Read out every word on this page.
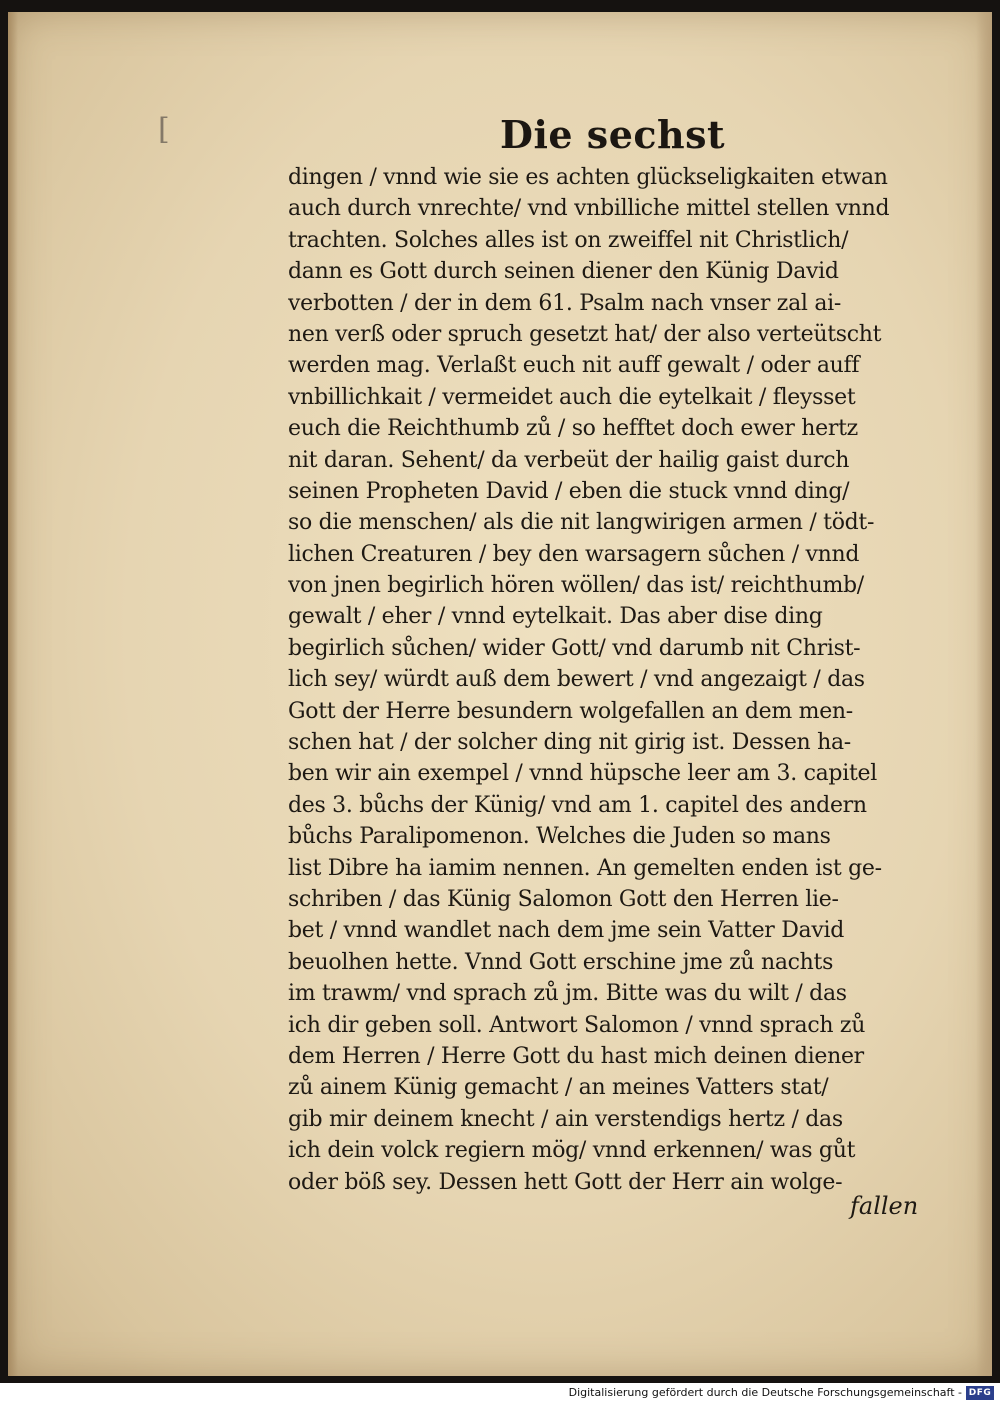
[	Die sechst
dingen / vnnd wie sie es achten glückseligkaiten etwan
auch durch vnrechte/ vnd vnbilliche mittel stellen vnnd
trachten. Solches alles ist on zweiffel nit Christlich/
dann es Gott durch seinen diener den Künig David
verbotten / der in dem 61. Psalm nach vnser zal ai-
nen verß oder spruch gesetzt hat/ der also verteütscht
werden mag. Verlaßt euch nit auff gewalt / oder auff
vnbillichkait / vermeidet auch die eytelkait / fleysset
euch die Reichthumb zů / so hefftet doch ewer hertz
nit daran. Sehent/ da verbeüt der hailig gaist durch
seinen Propheten David / eben die stuck vnnd ding/
so die menschen/ als die nit langwirigen armen / tödt-
lichen Creaturen / bey den warsagern sůchen / vnnd
von jnen begirlich hören wöllen/ das ist/ reichthumb/
gewalt / eher / vnnd eytelkait. Das aber dise ding
begirlich sůchen/ wider Gott/ vnd darumb nit Christ-
lich sey/ würdt auß dem bewert / vnd angezaigt / das
Gott der Herre besundern wolgefallen an dem men-
schen hat / der solcher ding nit girig ist. Dessen ha-
ben wir ain exempel / vnnd hüpsche leer am 3. capitel
des 3. bůchs der Künig/ vnd am 1. capitel des andern
bůchs Paralipomenon. Welches die Juden so mans
list Dibre ha iamim nennen. An gemelten enden ist ge-
schriben / das Künig Salomon Gott den Herren lie-
bet / vnnd wandlet nach dem jme sein Vatter David
beuolhen hette. Vnnd Gott erschine jme zů nachts
im trawm/ vnd sprach zů jm. Bitte was du wilt / das
ich dir geben soll. Antwort Salomon / vnnd sprach zů
dem Herren / Herre Gott du hast mich deinen diener
zů ainem Künig gemacht / an meines Vatters stat/
gib mir deinem knecht / ain verstendigs hertz / das
ich dein volck regiern mög/ vnnd erkennen/ was gůt
oder böß sey. Dessen hett Gott der Herr ain wolge-
fallen
Digitalisierung gefördert durch die Deutsche Forschungsgemeinschaft - DFG
